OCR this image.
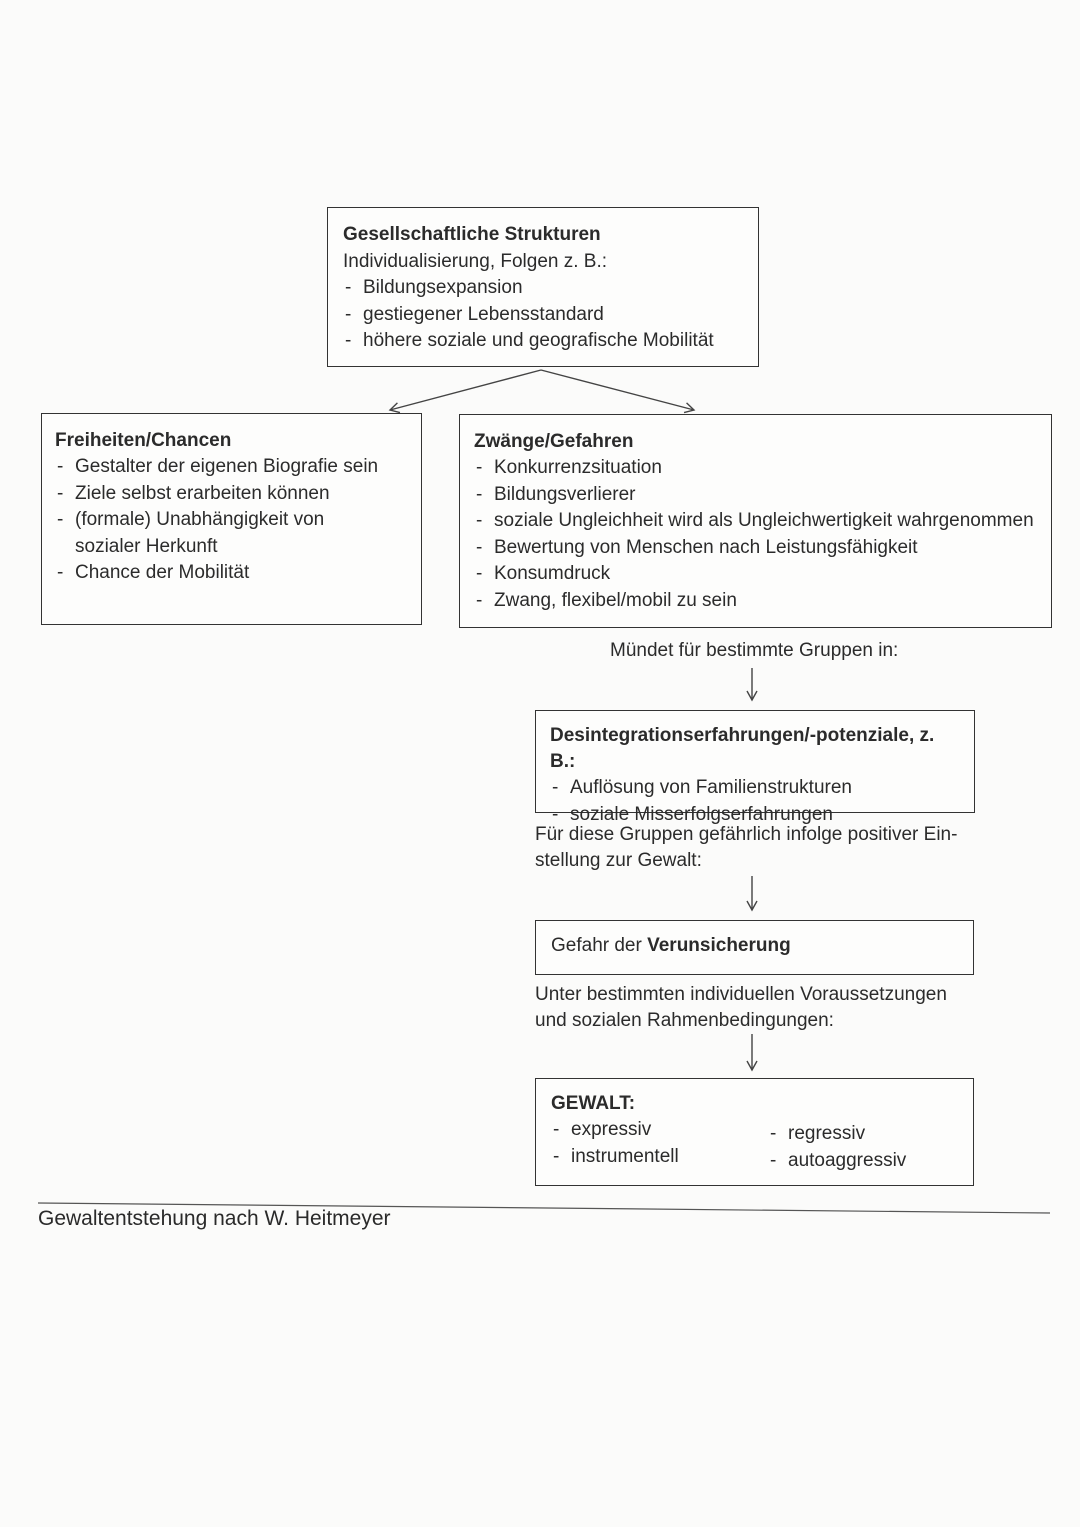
Gesellschaftliche Strukturen
Individualisierung, Folgen z. B.:
- Bildungsexpansion
- gestiegener Lebensstandard
- höhere soziale und geografische Mobilität
Freiheiten/Chancen
- Gestalter der eigenen Biografie sein
- Ziele selbst erarbeiten können
- (formale) Unabhängigkeit von sozialer Herkunft
- Chance der Mobilität
Zwänge/Gefahren
- Konkurrenzsituation
- Bildungsverlierer
- soziale Ungleichheit wird als Ungleichwertigkeit wahrgenommen
- Bewertung von Menschen nach Leistungsfähigkeit
- Konsumdruck
- Zwang, flexibel/mobil zu sein
Mündet für bestimmte Gruppen in:
Desintegrationserfahrungen/-potenziale, z. B.:
- Auflösung von Familienstrukturen
- soziale Misserfolgserfahrungen
Für diese Gruppen gefährlich infolge positiver Ein-
stellung zur Gewalt:
Gefahr der Verunsicherung
Unter bestimmten individuellen Voraussetzungen
und sozialen Rahmenbedingungen:
GEWALT:
- expressiv
- instrumentell
- regressiv
- autoaggressiv
Gewaltentstehung nach W. Heitmeyer
